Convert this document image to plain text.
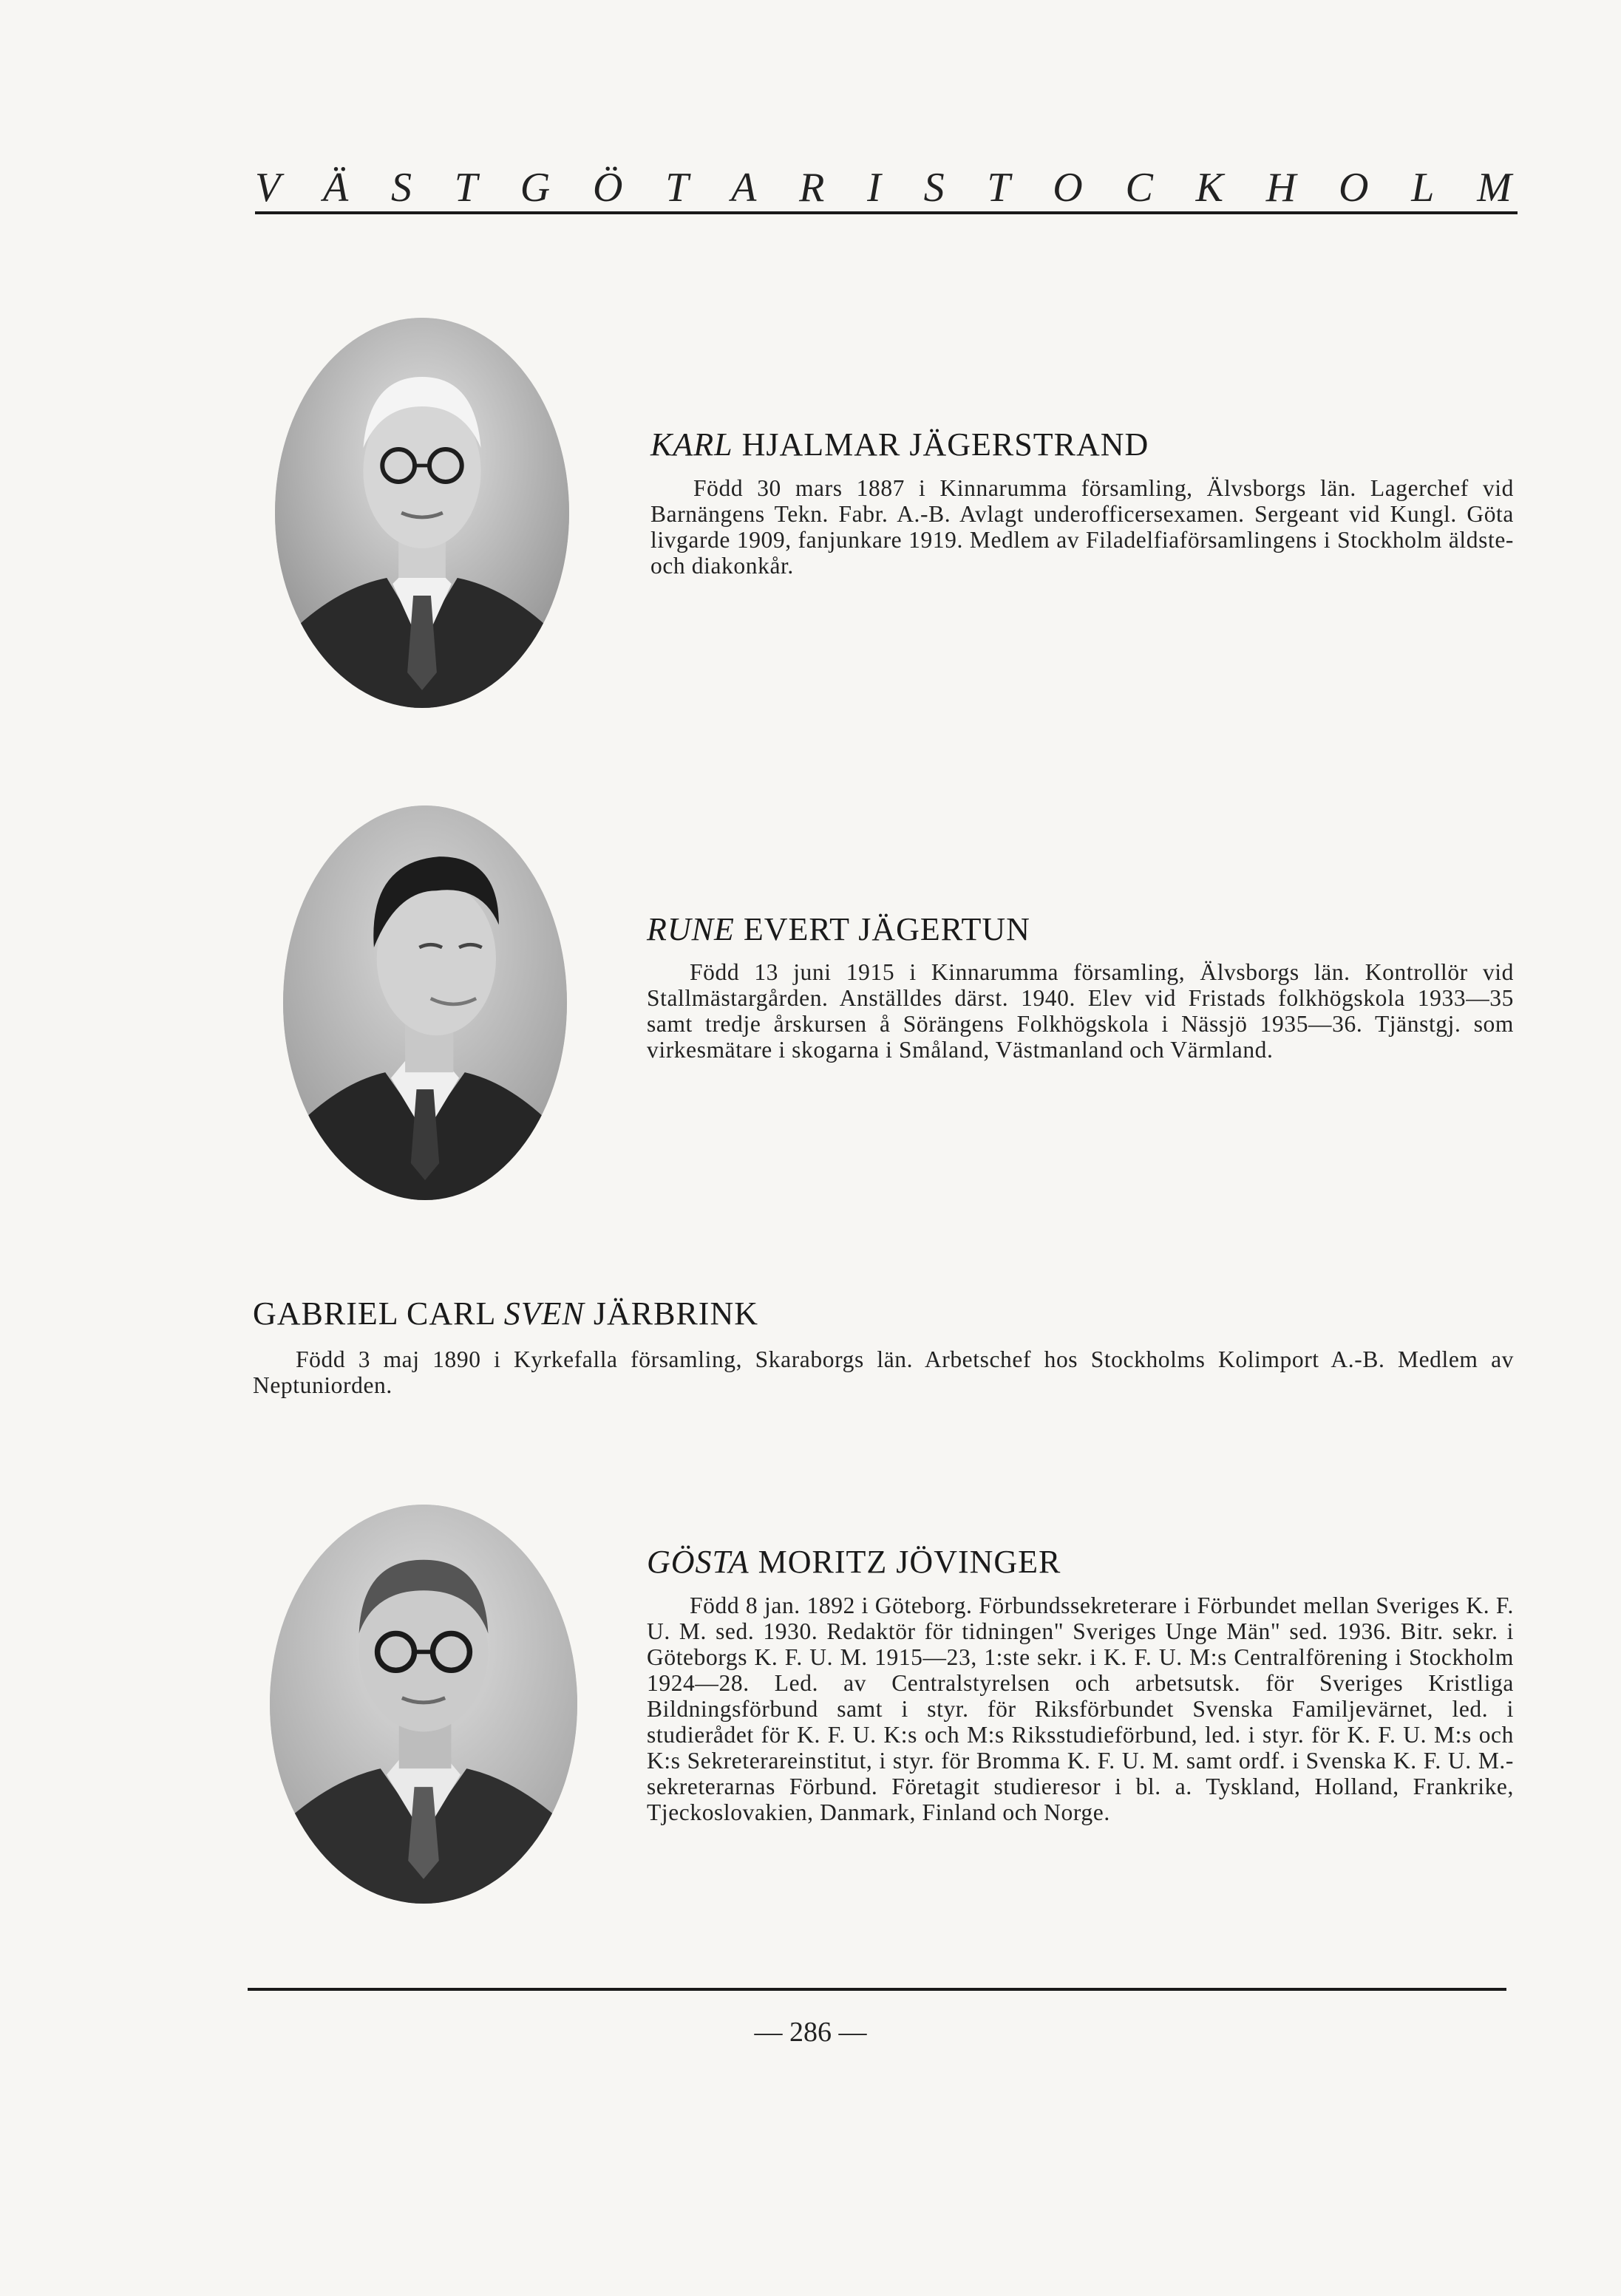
V Ä S T G Ö T A R I S T O C K H O L M
KARL HJALMAR JÄGERSTRAND

Född 30 mars 1887 i Kinnarumma församling, Älvsborgs län. Lagerchef vid Barnängens Tekn. Fabr. A.-B. Avlagt underofficersexamen. Sergeant vid Kungl. Göta livgarde 1909, fanjunkare 1919. Medlem av Filadelfiaförsamlingens i Stockholm äldste- och diakonkår.

RUNE EVERT JÄGERTUN

Född 13 juni 1915 i Kinnarumma församling, Älvsborgs län. Kontrollör vid Stallmästargården. Anställdes därst. 1940. Elev vid Fristads folkhögskola 1933—35 samt tredje årskursen å Sörängens Folkhögskola i Nässjö 1935—36. Tjänstgj. som virkesmätare i skogarna i Småland, Västmanland och Värmland.

GABRIEL CARL SVEN JÄRBRINK

Född 3 maj 1890 i Kyrkefalla församling, Skaraborgs län. Arbetschef hos Stockholms Kolimport A.-B. Medlem av Neptuniorden.

GÖSTA MORITZ JÖVINGER

Född 8 jan. 1892 i Göteborg. Förbundssekreterare i Förbundet mellan Sveriges K. F. U. M. sed. 1930. Redaktör för tidningen" Sveriges Unge Män" sed. 1936. Bitr. sekr. i Göteborgs K. F. U. M. 1915—23, 1:ste sekr. i K. F. U. M:s Centralförening i Stockholm 1924—28. Led. av Centralstyrelsen och arbetsutsk. för Sveriges Kristliga Bildningsförbund samt i styr. för Riksförbundet Svenska Familjevärnet, led. i studierådet för K. F. U. K:s och M:s Riksstudieförbund, led. i styr. för K. F. U. M:s och K:s Sekreterareinstitut, i styr. för Bromma K. F. U. M. samt ordf. i Svenska K. F. U. M.-sekreterarnas Förbund. Företagit studieresor i bl. a. Tyskland, Holland, Frankrike, Tjeckoslovakien, Danmark, Finland och Norge.

— 286 —
